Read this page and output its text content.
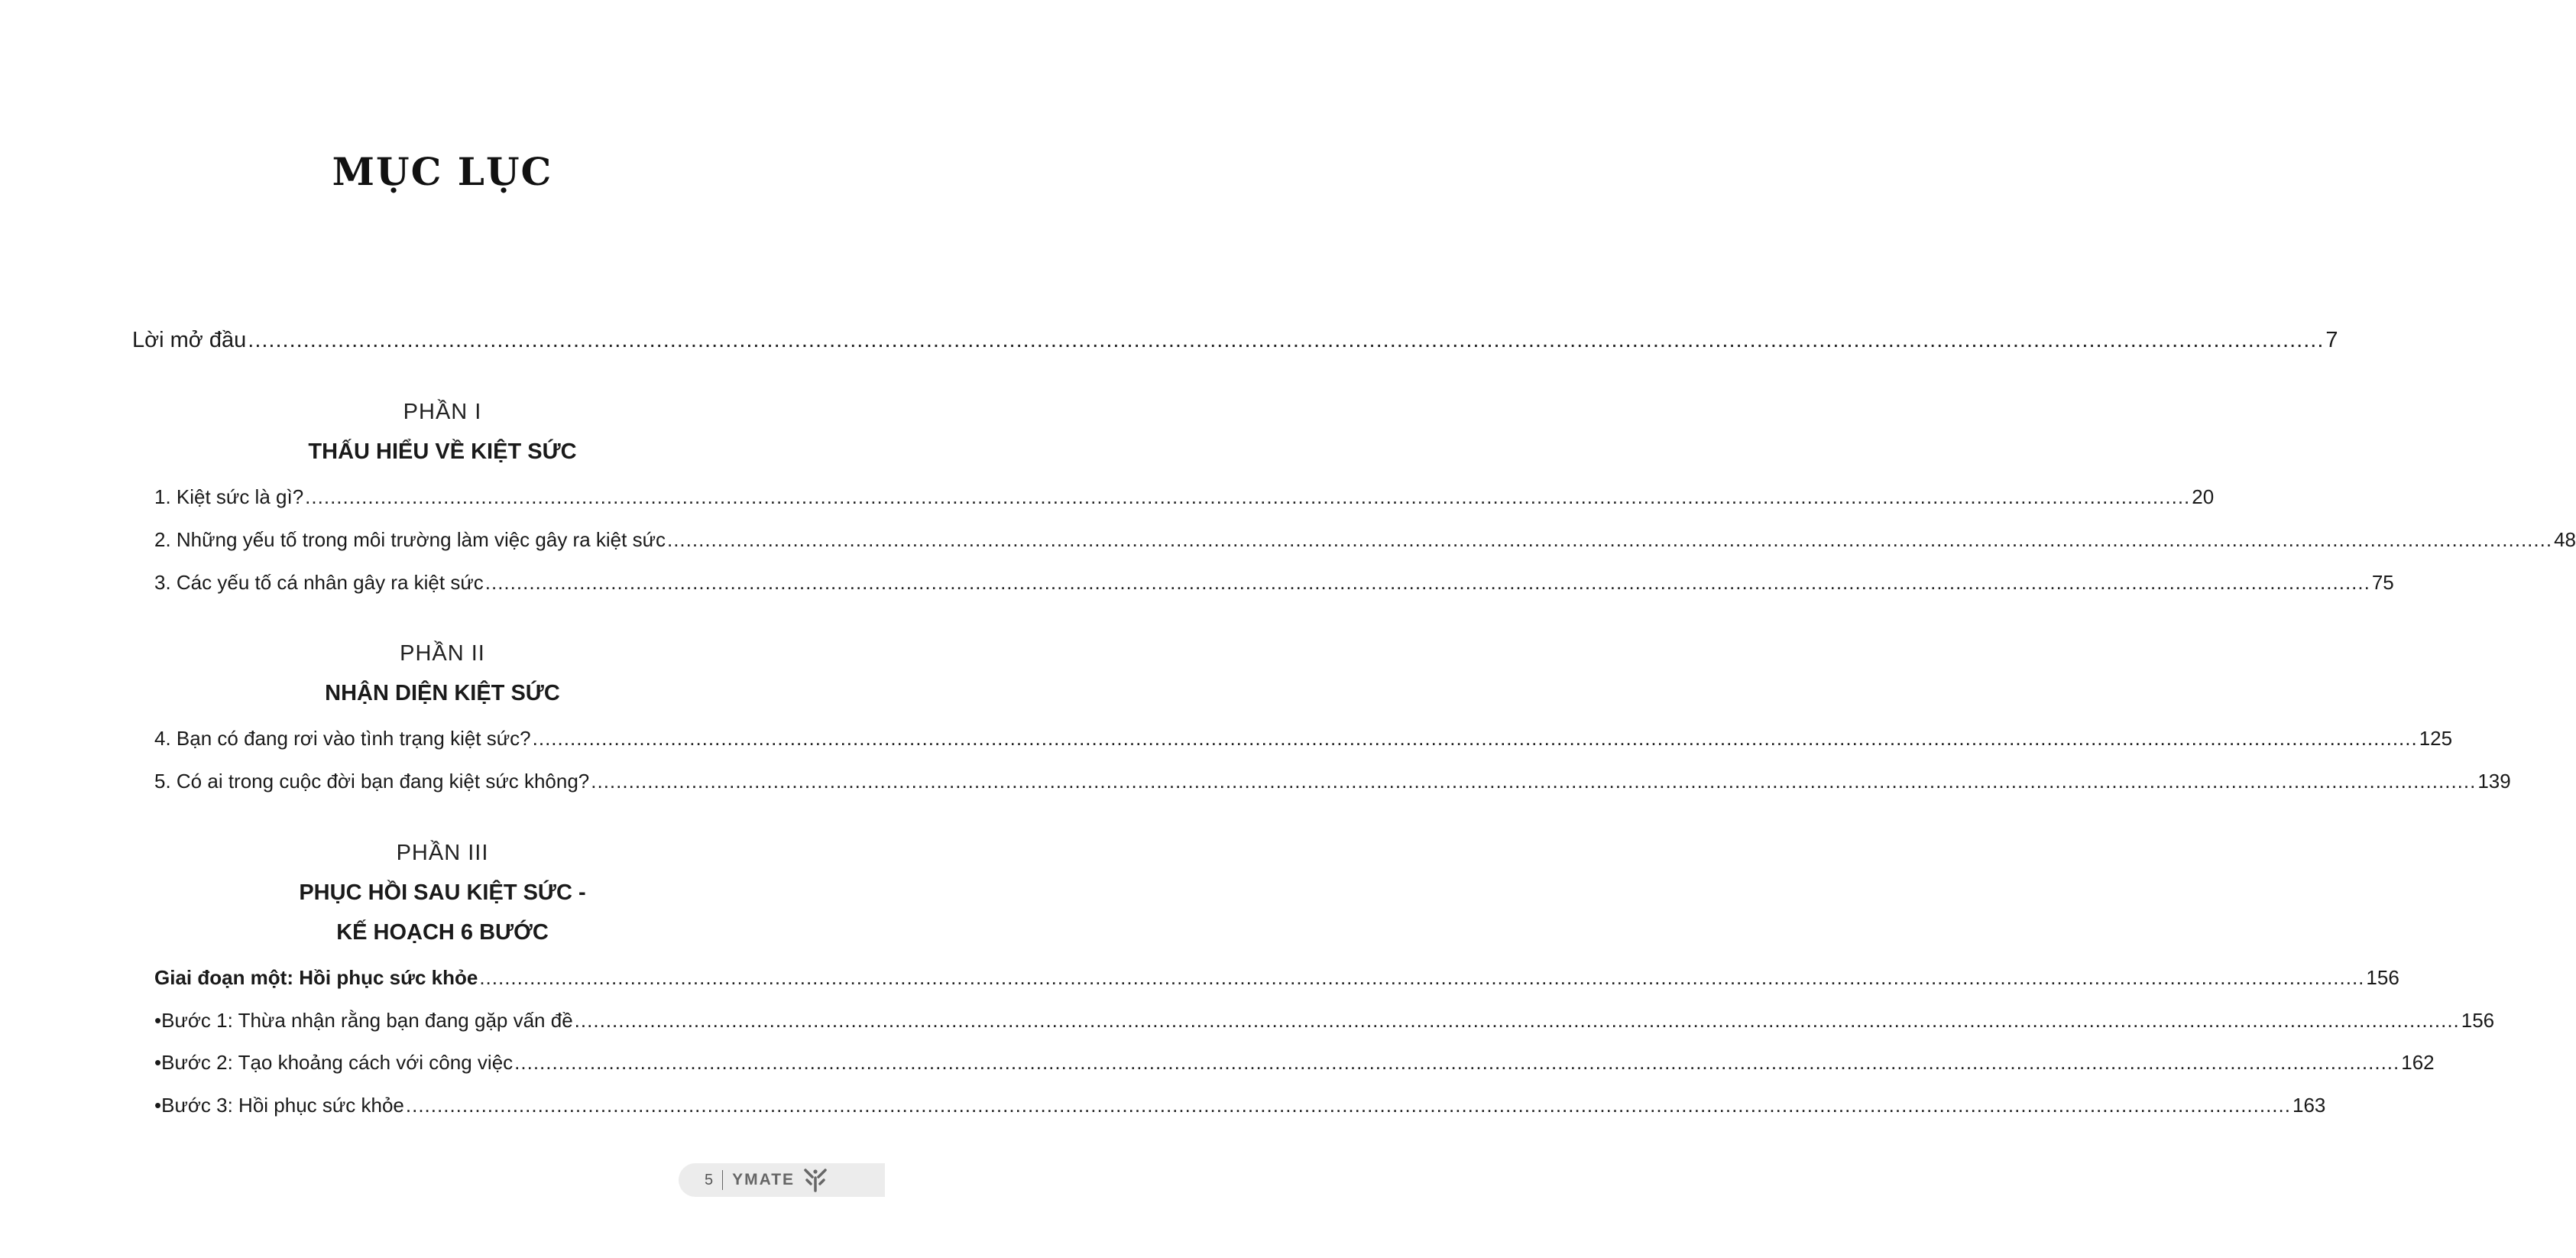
MỤC LỤC
Lời mở đầu ............................................................................................................................................................................................................................................................................................................ 7
PHẦN I
THẤU HIỂU VỀ KIỆT SỨC
1. Kiệt sức là gì? ............................................................................................................................................................................................................................................................................................................ 20
2. Những yếu tố trong môi trường làm việc gây ra kiệt sức ............................................................................................................................................................................................................................................................................................................ 48
3. Các yếu tố cá nhân gây ra kiệt sức ............................................................................................................................................................................................................................................................................................................ 75
PHẦN II
NHẬN DIỆN KIỆT SỨC
4. Bạn có đang rơi vào tình trạng kiệt sức? ............................................................................................................................................................................................................................................................................................................ 125
5. Có ai trong cuộc đời bạn đang kiệt sức không? ............................................................................................................................................................................................................................................................................................................ 139
PHẦN III
PHỤC HỒI SAU KIỆT SỨC -
KẾ HOẠCH 6 BƯỚC
Giai đoạn một: Hồi phục sức khỏe ............................................................................................................................................................................................................................................................................................................ 156
• Bước 1: Thừa nhận rằng bạn đang gặp vấn đề ............................................................................................................................................................................................................................................................................................................ 156
• Bước 2: Tạo khoảng cách với công việc ............................................................................................................................................................................................................................................................................................................ 162
• Bước 3: Hồi phục sức khỏe ............................................................................................................................................................................................................................................................................................................ 163
5 YMATE
